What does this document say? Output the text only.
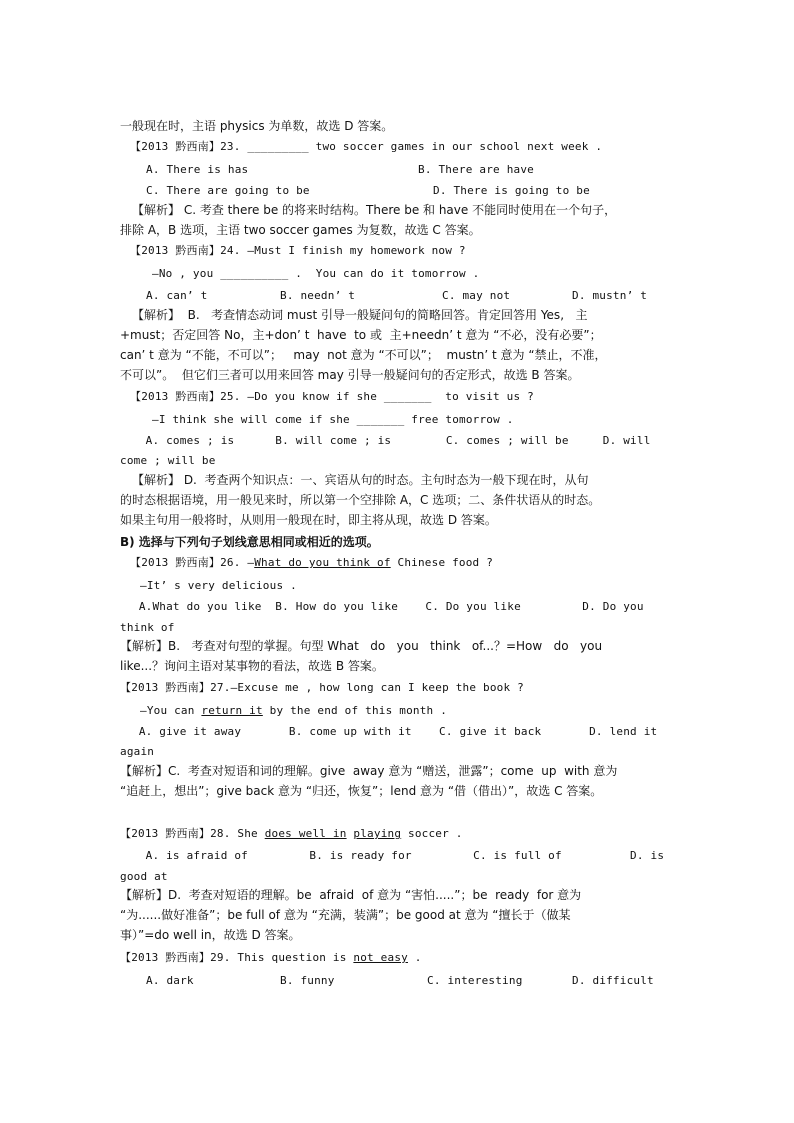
一般现在时，主语 physics 为单数，故选 D 答案。
【2013 黔西南】23. _________ two soccer games in our school next week .
A. There is has	B. There are have
C. There are going to be	D. There is going to be
【解析】 C. 考查 there be 的将来时结构。There be 和 have 不能同时使用在一个句子，
排除 A，B 选项，主语 two soccer games 为复数，故选 C 答案。
【2013 黔西南】24. —Must I finish my homework now ?
—No , you __________ .  You can do it tomorrow .
A. can’ t	B. needn’ t	C. may not	D. mustn’ t
【解析】  B.   考查情态动词 must 引导一般疑问句的简略回答。肯定回答用 Yes,   主
+must；否定回答 No，主+don’ t  have  to 或  主+needn’ t 意为 “不必，没有必要”；
can’ t 意为 “不能，不可以”；   may  not 意为 “不可以”；  mustn’ t 意为 “禁止，不准，
不可以”。  但它们三者可以用来回答 may 引导一般疑问句的否定形式，故选 B 答案。
【2013 黔西南】25. —Do you know if she _______  to visit us ?
—I think she will come if she _______ free tomorrow .
A. comes ; is      B. will come ; is        C. comes ; will be     D. will
come ; will be
【解析】 D.  考查两个知识点：一、宾语从句的时态。主句时态为一般下现在时，从句
的时态根据语境，用一般见来时，所以第一个空排除 A，C 选项；二、条件状语从的时态。
如果主句用一般将时，从则用一般现在时，即主将从现，故选 D 答案。
B) 选择与下列句子划线意思相同或相近的选项。
【2013 黔西南】26. —What do you think of Chinese food ?
—It’ s very delicious .
A.What do you like  B. How do you like    C. Do you like         D. Do you
think of
【解析】B.   考查对句型的掌握。句型 What   do   you   think   of...？=How   do   you
like...？询问主语对某事物的看法，故选 B 答案。
【2013 黔西南】27.—Excuse me , how long can I keep the book ?
—You can return it by the end of this month .
A. give it away       B. come up with it    C. give it back       D. lend it
again
【解析】C.  考查对短语和词的理解。give  away 意为 “赠送，泄露”；come  up  with 意为
“追赶上，想出”；give back 意为 “归还，恢复”；lend 意为 “借（借出）”，故选 C 答案。
【2013 黔西南】28. She does well in playing soccer .
A. is afraid of         B. is ready for         C. is full of          D. is
good at
【解析】D.  考查对短语的理解。be  afraid  of 意为 “害怕.....”；be  ready  for 意为
“为......做好准备”；be full of 意为 “充满，装满”；be good at 意为 “擅长于（做某
事）”=do well in，故选 D 答案。
【2013 黔西南】29. This question is not easy .
A. dark	B. funny	C. interesting	D. difficult
